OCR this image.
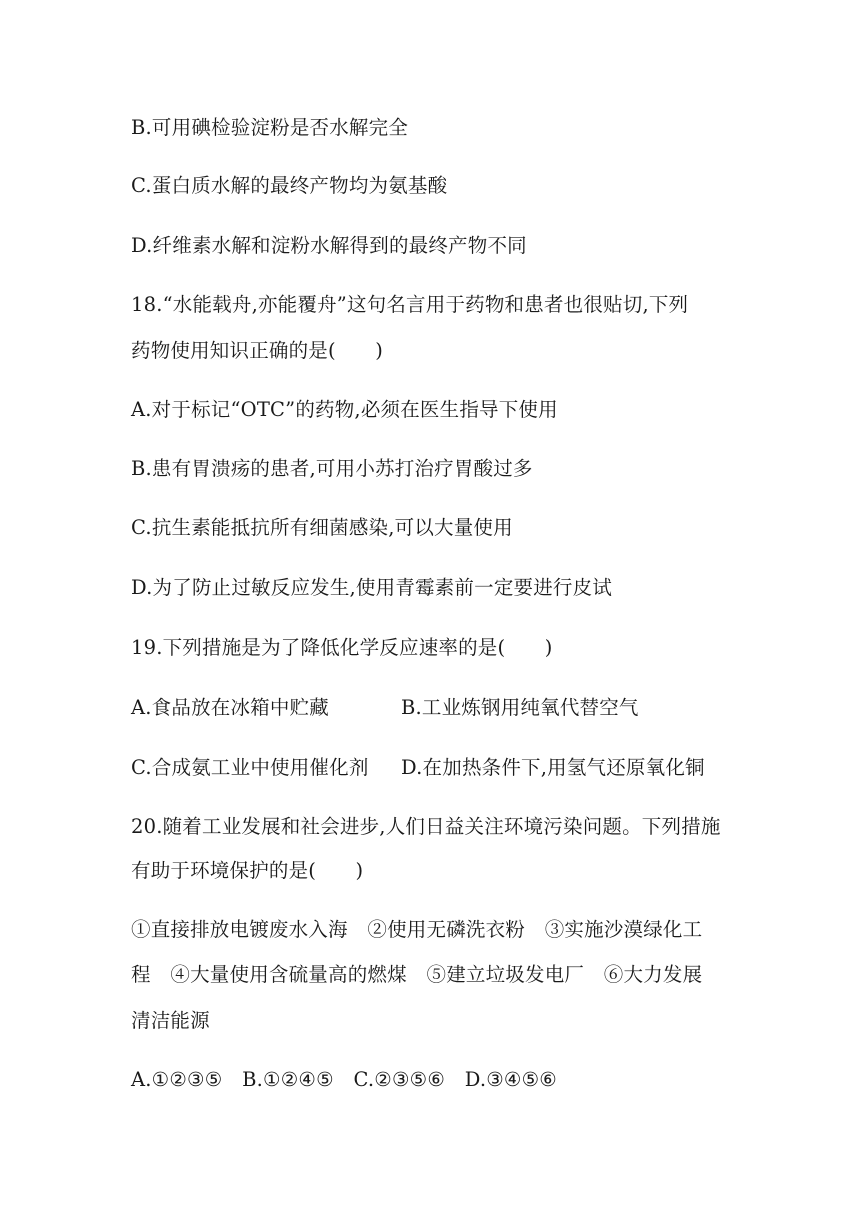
B.可用碘检验淀粉是否水解完全
C.蛋白质水解的最终产物均为氨基酸
D.纤维素水解和淀粉水解得到的最终产物不同
18.“水能载舟,亦能覆舟”这句名言用于药物和患者也很贴切,下列
药物使用知识正确的是(　　)
A.对于标记“OTC”的药物,必须在医生指导下使用
B.患有胃溃疡的患者,可用小苏打治疗胃酸过多
C.抗生素能抵抗所有细菌感染,可以大量使用
D.为了防止过敏反应发生,使用青霉素前一定要进行皮试
19.下列措施是为了降低化学反应速率的是(　　)
A.食品放在冰箱中贮藏	B.工业炼钢用纯氧代替空气
C.合成氨工业中使用催化剂 D.在加热条件下,用氢气还原氧化铜
20.随着工业发展和社会进步,人们日益关注环境污染问题。下列措施
有助于环境保护的是(　　)
①直接排放电镀废水入海　②使用无磷洗衣粉　③实施沙漠绿化工
程　④大量使用含硫量高的燃煤　⑤建立垃圾发电厂　⑥大力发展
清洁能源
A.①②③⑤　B.①②④⑤　C.②③⑤⑥　D.③④⑤⑥
